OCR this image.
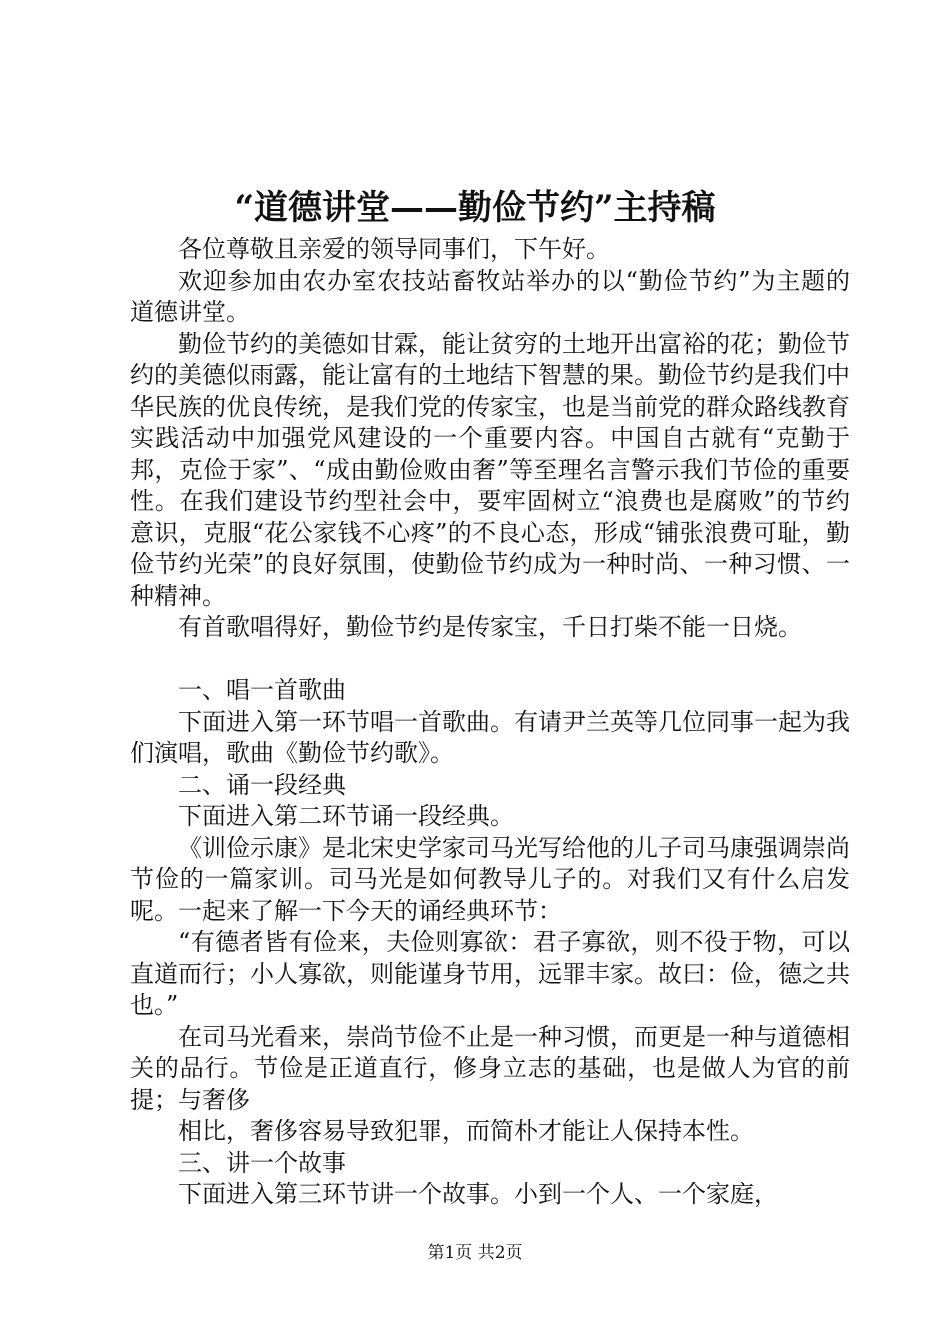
“道德讲堂——勤俭节约”主持稿

各位尊敬且亲爱的领导同事们，下午好。

欢迎参加由农办室农技站畜牧站举办的以“勤俭节约”为主题的道德讲堂。

勤俭节约的美德如甘霖，能让贫穷的土地开出富裕的花；勤俭节约的美德似雨露，能让富有的土地结下智慧的果。勤俭节约是我们中华民族的优良传统，是我们党的传家宝，也是当前党的群众路线教育实践活动中加强党风建设的一个重要内容。中国自古就有“克勤于邦，克俭于家”、“成由勤俭败由奢”等至理名言警示我们节俭的重要性。在我们建设节约型社会中，要牢固树立“浪费也是腐败”的节约意识，克服“花公家钱不心疼”的不良心态，形成“铺张浪费可耻，勤俭节约光荣”的良好氛围，使勤俭节约成为一种时尚、一种习惯、一种精神。

有首歌唱得好，勤俭节约是传家宝，千日打柴不能一日烧。

一、唱一首歌曲

下面进入第一环节唱一首歌曲。有请尹兰英等几位同事一起为我们演唱，歌曲《勤俭节约歌》。

二、诵一段经典

下面进入第二环节诵一段经典。

《训俭示康》是北宋史学家司马光写给他的儿子司马康强调崇尚节俭的一篇家训。司马光是如何教导儿子的。对我们又有什么启发呢。一起来了解一下今天的诵经典环节：

“有德者皆有俭来，夫俭则寡欲：君子寡欲，则不役于物，可以直道而行；小人寡欲，则能谨身节用，远罪丰家。故曰：俭，德之共也。”

在司马光看来，崇尚节俭不止是一种习惯，而更是一种与道德相关的品行。节俭是正道直行，修身立志的基础，也是做人为官的前提；与奢侈

相比，奢侈容易导致犯罪，而简朴才能让人保持本性。

三、讲一个故事

下面进入第三环节讲一个故事。小到一个人、一个家庭，

第1页 共2页
